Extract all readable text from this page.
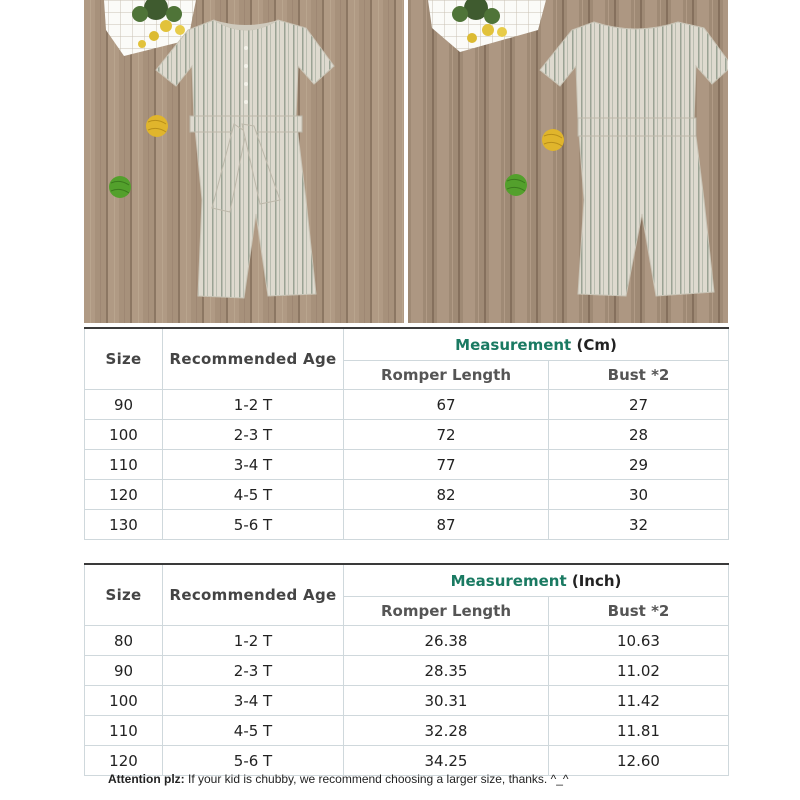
Size	Recommended Age	Measurement (Cm)	
		Romper Length	Bust *2
90	1-2 T	67	27
100	2-3 T	72	28
110	3-4 T	77	29
120	4-5 T	82	30
130	5-6 T	87	32
Size	Recommended Age	Measurement (Inch)	
		Romper Length	Bust *2
80	1-2 T	26.38	10.63
90	2-3 T	28.35	11.02
100	3-4 T	30.31	11.42
110	4-5 T	32.28	11.81
120	5-6 T	34.25	12.60
Attention plz: If your kid is chubby, we recommend choosing a larger size, thanks. ^_^
